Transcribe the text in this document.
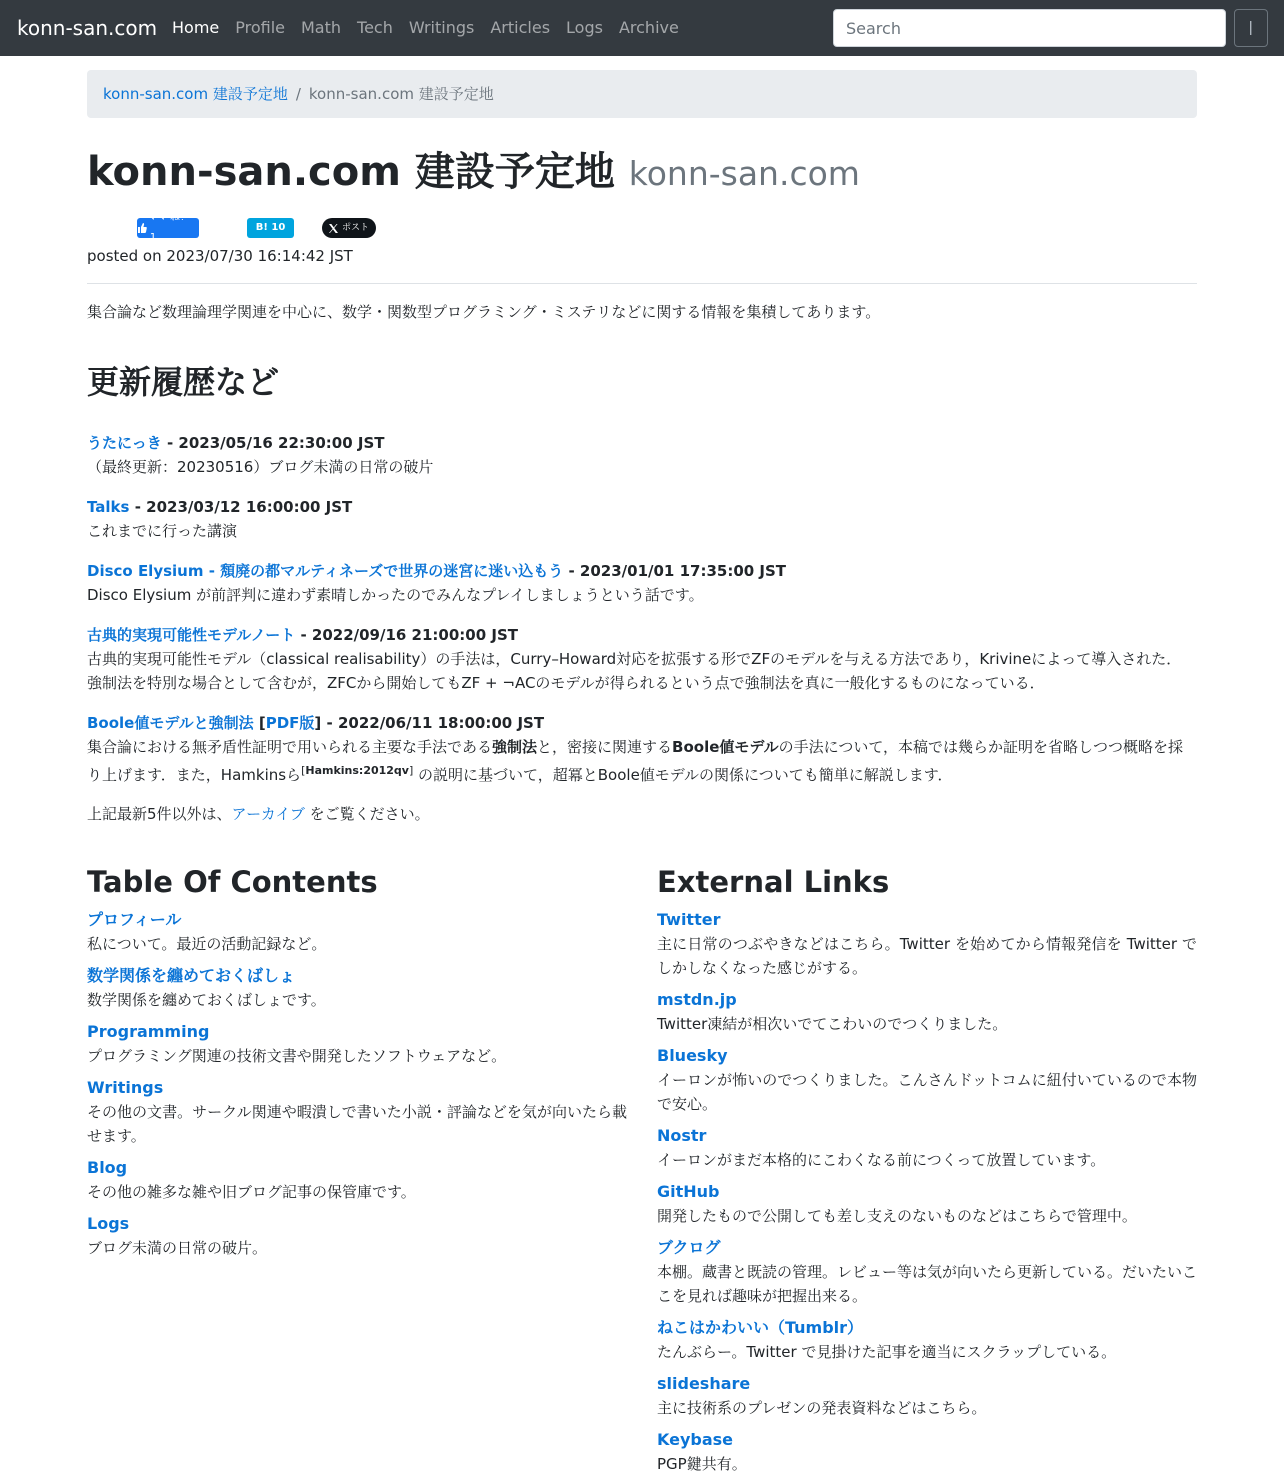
konn-san.com Home Profile Math Tech Writings Articles Logs Archive
Search
konn-san.com 建設予定地 / konn-san.com 建設予定地
konn-san.com 建設予定地 konn-san.com
いいね！ 1
B! 10	ポスト
posted on 2023/07/30 16:14:42 JST

集合論など数理論理学関連を中心に、数学・関数型プログラミング・ミステリなどに関する情報を集積してあります。

更新履歴など
うたにっき - 2023/05/16 22:30:00 JST
（最終更新：20230516）ブログ未満の日常の破片
Talks - 2023/03/12 16:00:00 JST
これまでに行った講演
Disco Elysium - 頽廃の都マルティネーズで世界の迷宮に迷い込もう - 2023/01/01 17:35:00 JST
Disco Elysium が前評判に違わず素晴しかったのでみんなプレイしましょうという話です。
古典的実現可能性モデルノート - 2022/09/16 21:00:00 JST
古典的実現可能性モデル（classical realisability）の手法は，Curry–Howard対応を拡張する形でZFのモデルを与える方法であり，Krivineによって導入された． 強制法を特別な場合として含むが，ZFCから開始してもZF + ¬ACのモデルが得られるという点で強制法を真に一般化するものになっている．
Boole値モデルと強制法 [PDF版] - 2022/06/11 18:00:00 JST
集合論における無矛盾性証明で用いられる主要な手法である強制法と，密接に関連するBoole値モデルの手法について，本稿では幾らか証明を省略しつつ概略を採り上げます．また，Hamkinsら[Hamkins:2012qv] の説明に基づいて，超冪とBoole値モデルの関係についても簡単に解説します．
上記最新5件以外は、アーカイブ をご覧ください。
Table Of Contents
プロフィール
私について。最近の活動記録など。
数学関係を纏めておくばしょ
数学関係を纏めておくばしょです。
Programming
プログラミング関連の技術文書や開発したソフトウェアなど。
Writings
その他の文書。サークル関連や暇潰しで書いた小説・評論などを気が向いたら載せます。
Blog
その他の雑多な雑や旧ブログ記事の保管庫です。
Logs
ブログ未満の日常の破片。
External Links
Twitter
主に日常のつぶやきなどはこちら。Twitter を始めてから情報発信を Twitter でしかしなくなった感じがする。
mstdn.jp
Twitter凍結が相次いでてこわいのでつくりました。
Bluesky
イーロンが怖いのでつくりました。こんさんドットコムに紐付いているので本物で安心。
Nostr
イーロンがまだ本格的にこわくなる前につくって放置しています。
GitHub
開発したもので公開しても差し支えのないものなどはこちらで管理中。
ブクログ
本棚。蔵書と既読の管理。レビュー等は気が向いたら更新している。だいたいここを見れば趣味が把握出来る。
ねこはかわいい（Tumblr）
たんぶらー。Twitter で見掛けた記事を適当にスクラップしている。
slideshare
主に技術系のプレゼンの発表資料などはこちら。
Keybase
PGP鍵共有。
